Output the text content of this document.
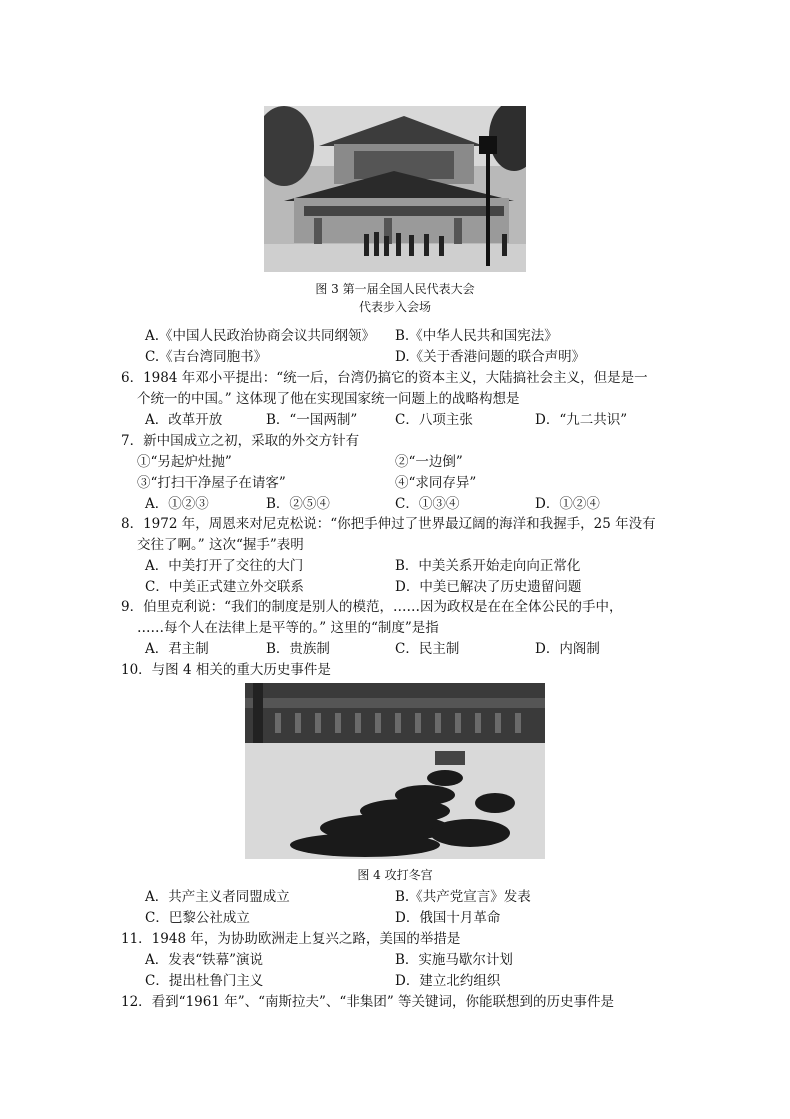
图 3 第一届全国人民代表大会
代表步入会场
A.《中国人民政治协商会议共同纲领》 B.《中华人民共和国宪法》
C.《吉台湾同胞书》	D.《关于香港问题的联合声明》
6．1984 年邓小平提出：“统一后，台湾仍搞它的资本主义，大陆搞社会主义，但是是一
个统一的中国。” 这体现了他在实现国家统一问题上的战略构想是
A．改革开放	B．“一国两制”	C．八项主张	D．“九二共识”
7．新中国成立之初，采取的外交方针有
①“另起炉灶抛”	②“一边倒”
③“打扫干净屋子在请客”	④“求同存异”
A．①②③	B．②⑤④	C．①③④	D．①②④
8．1972 年，周恩来对尼克松说：“你把手伸过了世界最辽阔的海洋和我握手，25 年没有
交往了啊。” 这次“握手”表明
A．中美打开了交往的大门	B．中美关系开始走向向正常化
C．中美正式建立外交联系	D．中美已解决了历史遗留问题
9．伯里克利说：“我们的制度是别人的模范，……因为政权是在在全体公民的手中，
……每个人在法律上是平等的。” 这里的“制度”是指
A．君主制	B．贵族制	C．民主制	D．内阁制
10．与图 4 相关的重大历史事件是
图 4 攻打冬宫
A．共产主义者同盟成立	B.《共产党宣言》发表
C．巴黎公社成立	D．俄国十月革命
11．1948 年，为协助欧洲走上复兴之路，美国的举措是
A．发表“铁幕”演说	B．实施马歇尔计划
C．提出杜鲁门主义	D．建立北约组织
12．看到“1961 年”、“南斯拉夫”、“非集团” 等关键词，你能联想到的历史事件是
